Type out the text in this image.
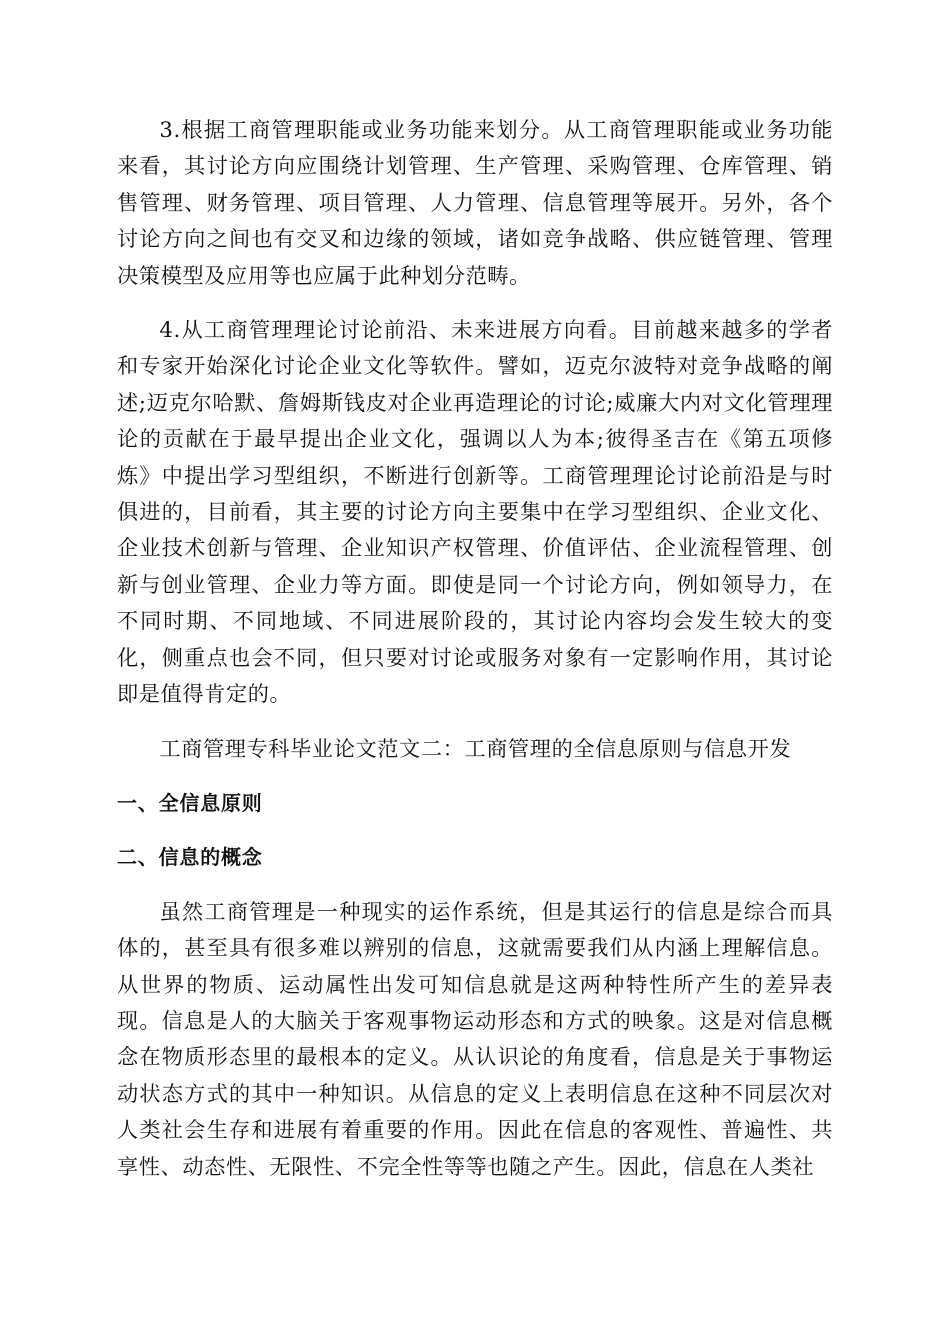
3.根据工商管理职能或业务功能来划分。从工商管理职能或业务功能来看，其讨论方向应围绕计划管理、生产管理、采购管理、仓库管理、销售管理、财务管理、项目管理、人力管理、信息管理等展开。另外，各个讨论方向之间也有交叉和边缘的领域，诸如竞争战略、供应链管理、管理决策模型及应用等也应属于此种划分范畴。

4.从工商管理理论讨论前沿、未来进展方向看。目前越来越多的学者和专家开始深化讨论企业文化等软件。譬如，迈克尔波特对竞争战略的阐述;迈克尔哈默、詹姆斯钱皮对企业再造理论的讨论;威廉大内对文化管理理论的贡献在于最早提出企业文化，强调以人为本;彼得圣吉在《第五项修炼》中提出学习型组织，不断进行创新等。工商管理理论讨论前沿是与时俱进的，目前看，其主要的讨论方向主要集中在学习型组织、企业文化、企业技术创新与管理、企业知识产权管理、价值评估、企业流程管理、创新与创业管理、企业力等方面。即使是同一个讨论方向，例如领导力，在不同时期、不同地域、不同进展阶段的，其讨论内容均会发生较大的变化，侧重点也会不同，但只要对讨论或服务对象有一定影响作用，其讨论即是值得肯定的。

工商管理专科毕业论文范文二：工商管理的全信息原则与信息开发

一、全信息原则

二、信息的概念

虽然工商管理是一种现实的运作系统，但是其运行的信息是综合而具体的，甚至具有很多难以辨别的信息，这就需要我们从内涵上理解信息。从世界的物质、运动属性出发可知信息就是这两种特性所产生的差异表现。信息是人的大脑关于客观事物运动形态和方式的映象。这是对信息概念在物质形态里的最根本的定义。从认识论的角度看，信息是关于事物运动状态方式的其中一种知识。从信息的定义上表明信息在这种不同层次对人类社会生存和进展有着重要的作用。因此在信息的客观性、普遍性、共享性、动态性、无限性、不完全性等等也随之产生。因此，信息在人类社
